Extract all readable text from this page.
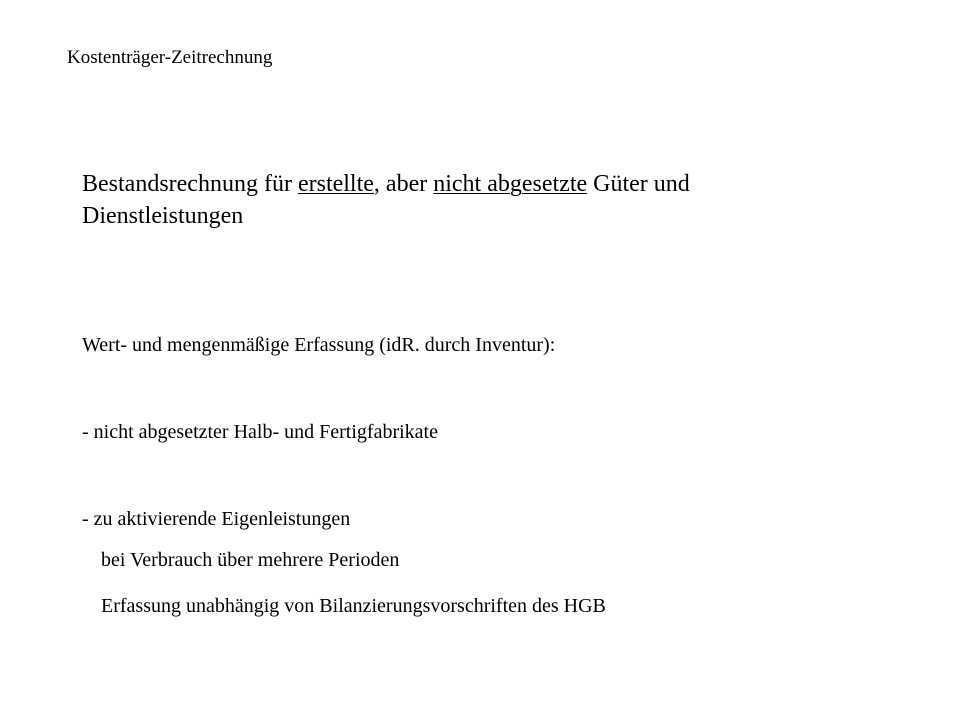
Kostenträger-Zeitrechnung
Bestandsrechnung für erstellte, aber nicht abgesetzte Güter und Dienstleistungen
Wert- und mengenmäßige Erfassung (idR. durch Inventur):
- nicht abgesetzter Halb- und Fertigfabrikate
- zu aktivierende Eigenleistungen
bei Verbrauch über mehrere Perioden
Erfassung unabhängig von Bilanzierungsvorschriften des HGB
